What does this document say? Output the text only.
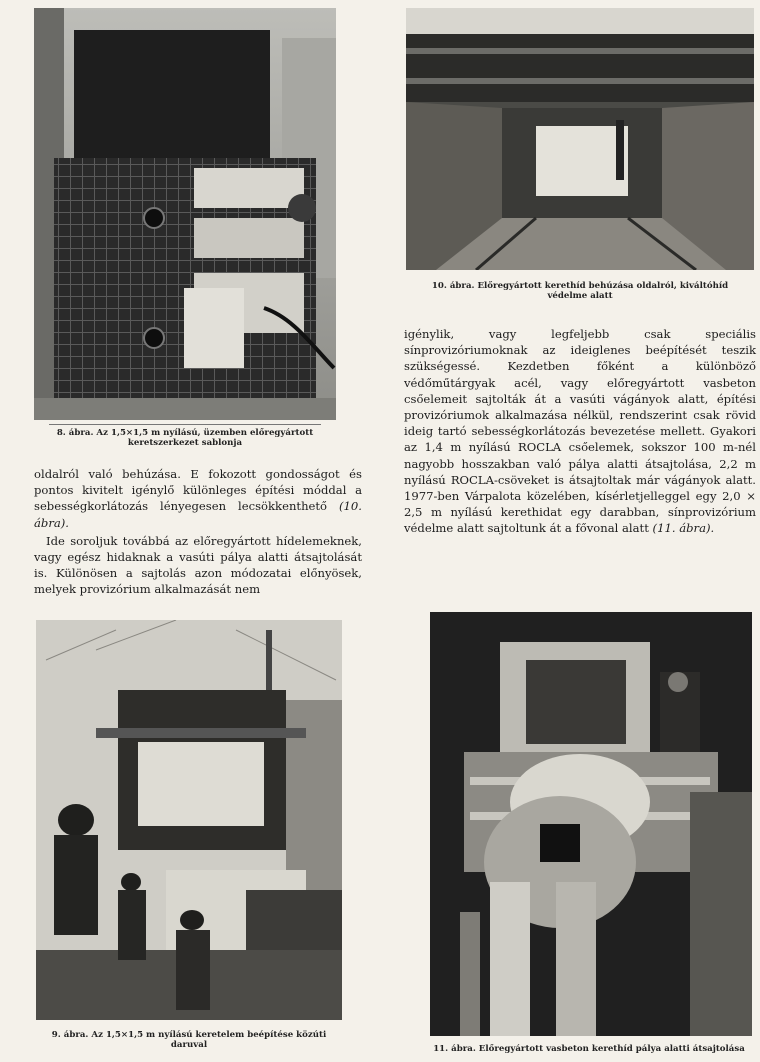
8. ábra. Az 1,5×1,5 m nyílású, üzemben előregyártott
keretszerkezet sablonja
10. ábra. Előregyártott kerethíd behúzása oldalról, kiváltóhíd
védelme alatt

oldalról való behúzása. E fokozott gondosságot és pontos kivitelt igénylő különleges építési móddal a sebességkorlátozás lényegesen lecsökkenthető (10. ábra).

Ide soroljuk továbbá az előregyártott hídelemeknek, vagy egész hidaknak a vasúti pálya alatti átsajtolását is. Különösen a sajtolás azon módozatai előnyösek, melyek provizórium alkalmazását nem

igénylik, vagy legfeljebb csak speciális sínprovizóriumoknak az ideiglenes beépítését teszik szükségessé. Kezdetben főként a különböző védőműtárgyak acél, vagy előregyártott vasbeton csőelemeit sajtolták át a vasúti vágányok alatt, építési provizóriumok alkalmazása nélkül, rendszerint csak rövid ideig tartó sebességkorlátozás bevezetése mellett. Gyakori az 1,4 m nyílású ROCLA csőelemek, sokszor 100 m-nél nagyobb hosszakban való pálya alatti átsajtolása, 2,2 m nyílású ROCLA-csöveket is átsajtoltak már vágányok alatt. 1977-ben Várpalota közelében, kísérletjelleggel egy 2,0 × 2,5 m nyílású kerethidat egy darabban, sínprovizórium védelme alatt sajtoltunk át a fővonal alatt (11. ábra).

9. ábra. Az 1,5×1,5 m nyílású keretelem beépítése közúti
daruval	11. ábra. Előregyártott vasbeton kerethíd pálya alatti átsajtolása
